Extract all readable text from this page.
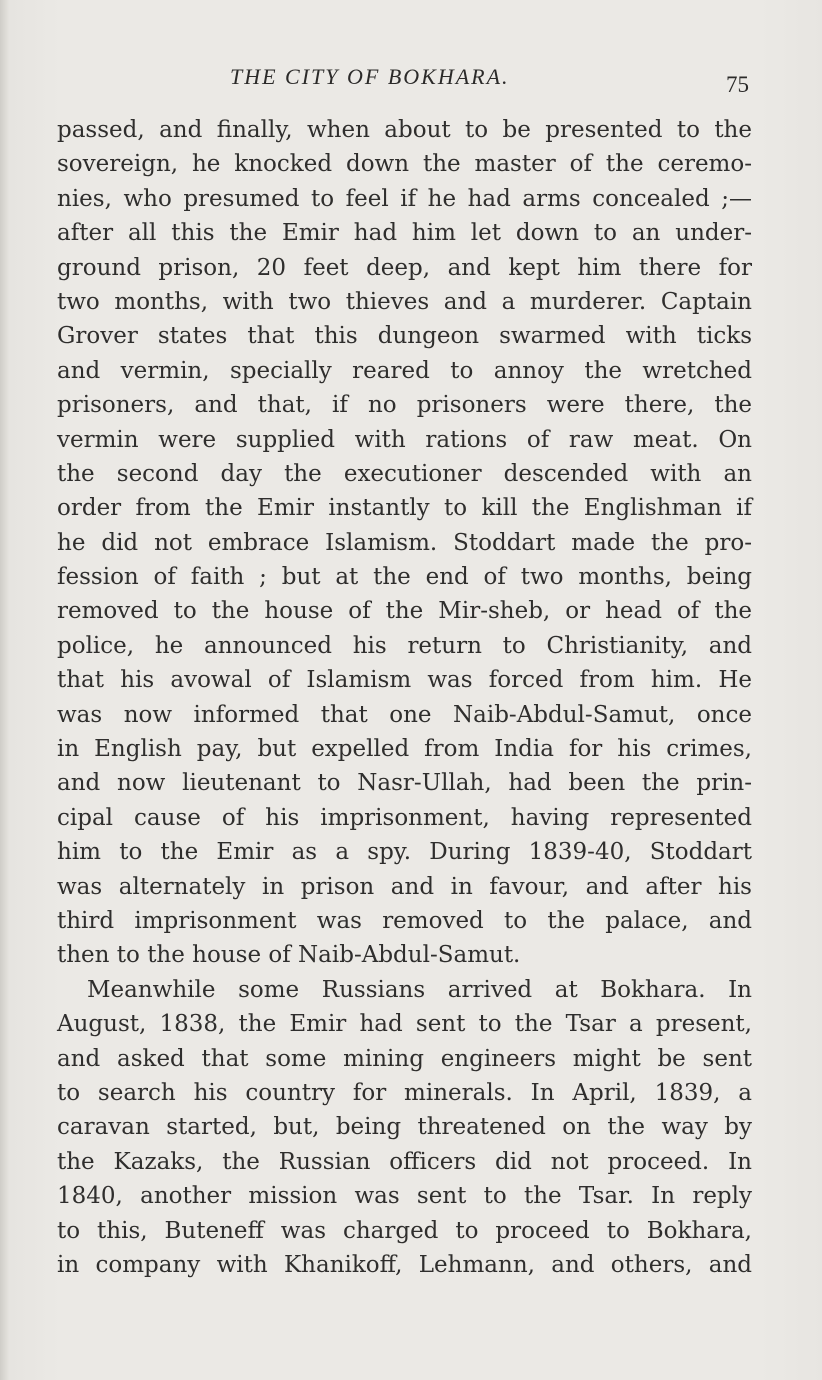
THE CITY OF BOKHARA.	75
passed, and finally, when about to be presented to the
sovereign, he knocked down the master of the ceremo-
nies, who presumed to feel if he had arms concealed ;—
after all this the Emir had him let down to an under-
ground prison, 20 feet deep, and kept him there for
two months, with two thieves and a murderer. Captain
Grover states that this dungeon swarmed with ticks
and vermin, specially reared to annoy the wretched
prisoners, and that, if no prisoners were there, the
vermin were supplied with rations of raw meat. On
the second day the executioner descended with an
order from the Emir instantly to kill the Englishman if
he did not embrace Islamism. Stoddart made the pro-
fession of faith ; but at the end of two months, being
removed to the house of the Mir-sheb, or head of the
police, he announced his return to Christianity, and
that his avowal of Islamism was forced from him. He
was now informed that one Naib-Abdul-Samut, once
in English pay, but expelled from India for his crimes,
and now lieutenant to Nasr-Ullah, had been the prin-
cipal cause of his imprisonment, having represented
him to the Emir as a spy. During 1839-40, Stoddart
was alternately in prison and in favour, and after his
third imprisonment was removed to the palace, and
then to the house of Naib-Abdul-Samut.
Meanwhile some Russians arrived at Bokhara. In
August, 1838, the Emir had sent to the Tsar a present,
and asked that some mining engineers might be sent
to search his country for minerals. In April, 1839, a
caravan started, but, being threatened on the way by
the Kazaks, the Russian officers did not proceed. In
1840, another mission was sent to the Tsar. In reply
to this, Buteneff was charged to proceed to Bokhara,
in company with Khanikoff, Lehmann, and others, and
